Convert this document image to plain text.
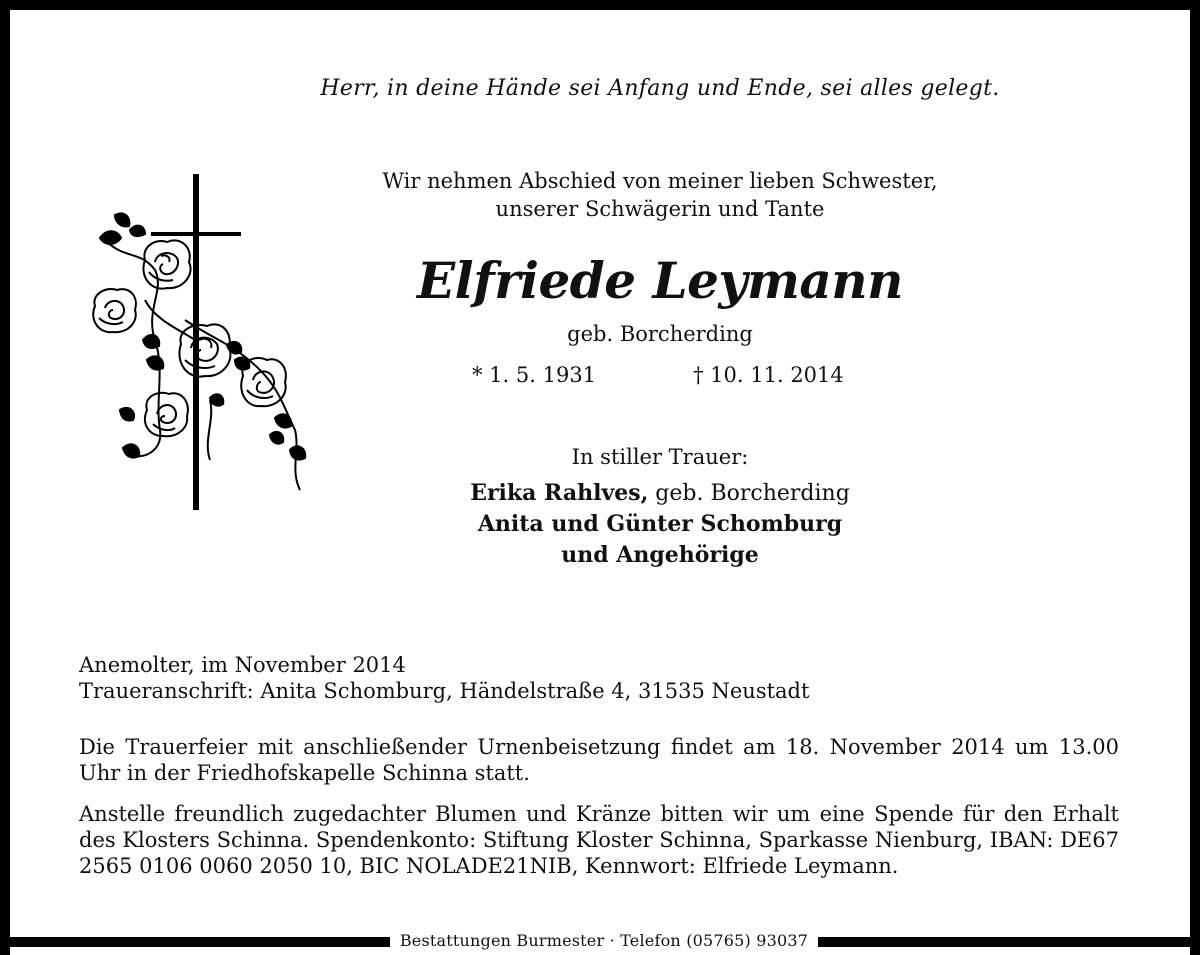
Bestattungen Burmester · Telefon (05765) 93037
Herr, in deine Hände sei Anfang und Ende, sei alles gelegt.
Wir nehmen Abschied von meiner lieben Schwester,
unserer Schwägerin und Tante
Elfriede Leymann
geb. Borcherding
* 1. 5. 1931	† 10. 11. 2014
In stiller Trauer:
Erika Rahlves, geb. Borcherding
Anita und Günter Schomburg
und Angehörige
Anemolter, im November 2014
Traueranschrift: Anita Schomburg, Händelstraße 4, 31535 Neustadt
Die Trauerfeier mit anschließender Urnenbeisetzung findet am 18. November 2014 um 13.00 Uhr in der Friedhofskapelle Schinna statt.
Anstelle freundlich zugedachter Blumen und Kränze bitten wir um eine Spende für den Erhalt des Klosters Schinna. Spendenkonto: Stiftung Kloster Schinna, Sparkasse Nienburg, IBAN: DE67 2565 0106 0060 2050 10, BIC NOLADE21NIB, Kennwort: Elfriede Leymann.
